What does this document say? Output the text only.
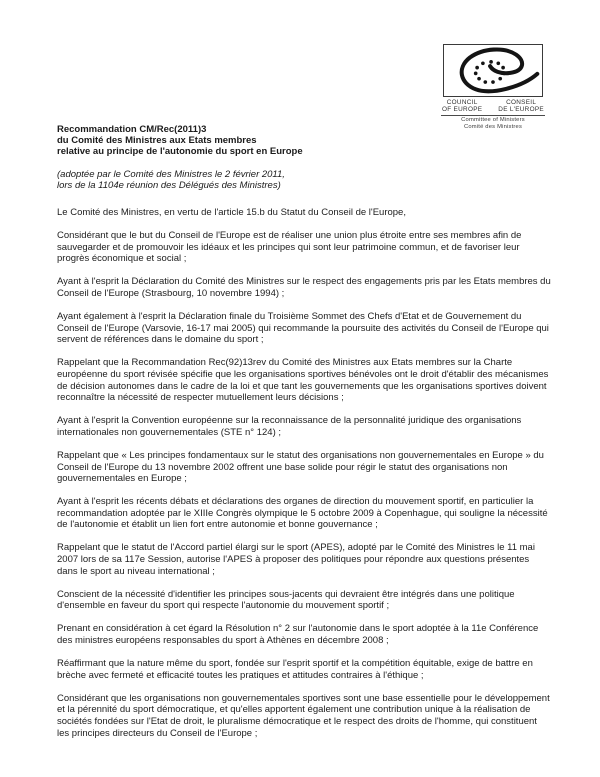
COUNCIL
OF EUROPE
CONSEIL
DE L'EUROPE
Committee of Ministers
Comité des Ministres
Recommandation CM/Rec(2011)3
du Comité des Ministres aux Etats membres
relative au principe de l'autonomie du sport en Europe

(adoptée par le Comité des Ministres le 2 février 2011,
lors de la 1104e réunion des Délégués des Ministres)

Le Comité des Ministres, en vertu de l'article 15.b du Statut du Conseil de l'Europe,

Considérant que le but du Conseil de l'Europe est de réaliser une union plus étroite entre ses membres afin de sauvegarder et de promouvoir les idéaux et les principes qui sont leur patrimoine commun, et de favoriser leur progrès économique et social ;

Ayant à l'esprit la Déclaration du Comité des Ministres sur le respect des engagements pris par les Etats membres du Conseil de l'Europe (Strasbourg, 10 novembre 1994) ;

Ayant également à l'esprit la Déclaration finale du Troisième Sommet des Chefs d'Etat et de Gouvernement du Conseil de l'Europe (Varsovie, 16-17 mai 2005) qui recommande la poursuite des activités du Conseil de l'Europe qui servent de références dans le domaine du sport ;

Rappelant que la Recommandation Rec(92)13rev du Comité des Ministres aux Etats membres sur la Charte européenne du sport révisée spécifie que les organisations sportives bénévoles ont le droit d'établir des mécanismes de décision autonomes dans le cadre de la loi et que tant les gouvernements que les organisations sportives doivent reconnaître la nécessité de respecter mutuellement leurs décisions ;

Ayant à l'esprit la Convention européenne sur la reconnaissance de la personnalité juridique des organisations internationales non gouvernementales (STE n° 124) ;

Rappelant que « Les principes fondamentaux sur le statut des organisations non gouvernementales en Europe » du Conseil de l'Europe du 13 novembre 2002 offrent une base solide pour régir le statut des organisations non gouvernementales en Europe ;

Ayant à l'esprit les récents débats et déclarations des organes de direction du mouvement sportif, en particulier la recommandation adoptée par le XIIIe Congrès olympique le 5 octobre 2009 à Copenhague, qui souligne la nécessité de l'autonomie et établit un lien fort entre autonomie et bonne gouvernance ;

Rappelant que le statut de l'Accord partiel élargi sur le sport (APES), adopté par le Comité des Ministres le 11 mai 2007 lors de sa 117e Session, autorise l'APES à proposer des politiques pour répondre aux questions présentes dans le sport au niveau international ;

Conscient de la nécessité d'identifier les principes sous-jacents qui devraient être intégrés dans une politique d'ensemble en faveur du sport qui respecte l'autonomie du mouvement sportif ;

Prenant en considération à cet égard la Résolution n° 2 sur l'autonomie dans le sport adoptée à la 11e Conférence des ministres européens responsables du sport à Athènes en décembre 2008 ;

Réaffirmant que la nature même du sport, fondée sur l'esprit sportif et la compétition équitable, exige de battre en brèche avec fermeté et efficacité toutes les pratiques et attitudes contraires à l'éthique ;

Considérant que les organisations non gouvernementales sportives sont une base essentielle pour le développement et la pérennité du sport démocratique, et qu'elles apportent également une contribution unique à la réalisation de sociétés fondées sur l'Etat de droit, le pluralisme démocratique et le respect des droits de l'homme, qui constituent les principes directeurs du Conseil de l'Europe ;
